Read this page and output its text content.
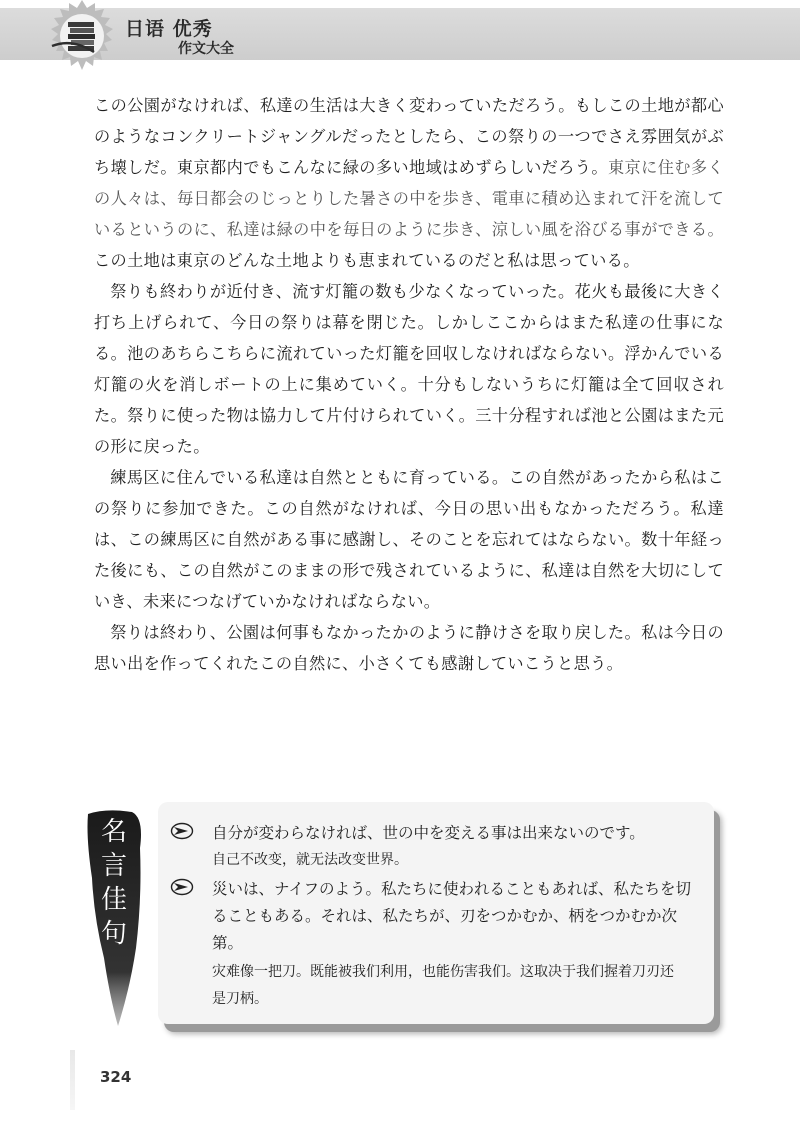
日语 优秀
作文大全

この公園がなければ、私達の生活は大きく変わっていただろう。もしこの土地が都心のようなコンクリートジャングルだったとしたら、この祭りの一つでさえ雰囲気がぶち壊しだ。東京都内でもこんなに緑の多い地域はめずらしいだろう。東京に住む多くの人々は、毎日都会のじっとりした暑さの中を歩き、電車に積め込まれて汗を流しているというのに、私達は緑の中を毎日のように歩き、涼しい風を浴びる事ができる。この土地は東京のどんな土地よりも恵まれているのだと私は思っている。

祭りも終わりが近付き、流す灯籠の数も少なくなっていった。花火も最後に大きく打ち上げられて、今日の祭りは幕を閉じた。しかしここからはまた私達の仕事になる。池のあちらこちらに流れていった灯籠を回収しなければならない。浮かんでいる灯籠の火を消しボートの上に集めていく。十分もしないうちに灯籠は全て回収された。祭りに使った物は協力して片付けられていく。三十分程すれば池と公園はまた元の形に戻った。

練馬区に住んでいる私達は自然とともに育っている。この自然があったから私はこの祭りに参加できた。この自然がなければ、今日の思い出もなかっただろう。私達は、この練馬区に自然がある事に感謝し、そのことを忘れてはならない。数十年経った後にも、この自然がこのままの形で残されているように、私達は自然を大切にしていき、未来につなげていかなければならない。

祭りは終わり、公園は何事もなかったかのように静けさを取り戻した。私は今日の思い出を作ってくれたこの自然に、小さくても感謝していこうと思う。

名
言
佳
句
自分が変わらなければ、世の中を変える事は出来ないのです。
自己不改变，就无法改变世界。
災いは、ナイフのよう。私たちに使われることもあれば、私たちを切ることもある。それは、私たちが、刃をつかむか、柄をつかむか次第。
灾难像一把刀。既能被我们利用，也能伤害我们。这取决于我们握着刀刃还是刀柄。
324
